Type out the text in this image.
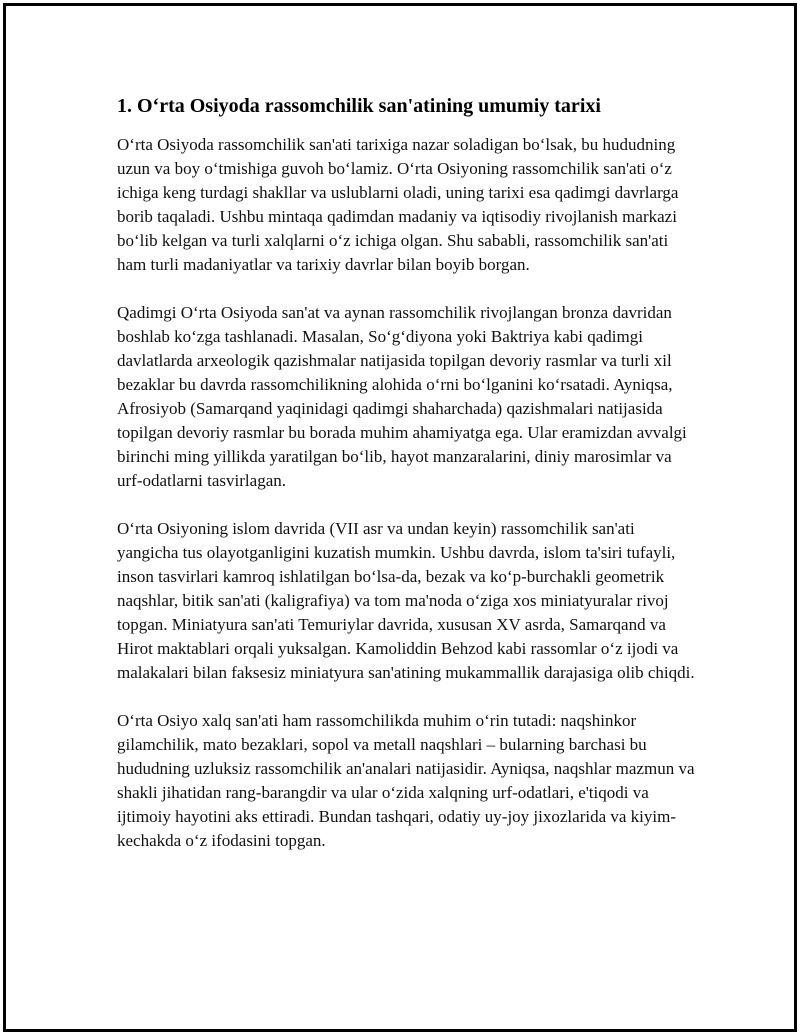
1. O‘rta Osiyoda rassomchilik san'atining umumiy tarixi

O‘rta Osiyoda rassomchilik san'ati tarixiga nazar soladigan bo‘lsak, bu hududning uzun va boy o‘tmishiga guvoh bo‘lamiz. O‘rta Osiyoning rassomchilik san'ati o‘z ichiga keng turdagi shakllar va uslublarni oladi, uning tarixi esa qadimgi davrlarga borib taqaladi. Ushbu mintaqa qadimdan madaniy va iqtisodiy rivojlanish markazi bo‘lib kelgan va turli xalqlarni o‘z ichiga olgan. Shu sababli, rassomchilik san'ati ham turli madaniyatlar va tarixiy davrlar bilan boyib borgan.

Qadimgi O‘rta Osiyoda san'at va aynan rassomchilik rivojlangan bronza davridan boshlab ko‘zga tashlanadi. Masalan, So‘g‘diyona yoki Baktriya kabi qadimgi davlatlarda arxeologik qazishmalar natijasida topilgan devoriy rasmlar va turli xil bezaklar bu davrda rassomchilikning alohida o‘rni bo‘lganini ko‘rsatadi. Ayniqsa, Afrosiyob (Samarqand yaqinidagi qadimgi shaharchada) qazishmalari natijasida topilgan devoriy rasmlar bu borada muhim ahamiyatga ega. Ular eramizdan avvalgi birinchi ming yillikda yaratilgan bo‘lib, hayot manzaralarini, diniy marosimlar va urf-odatlarni tasvirlagan.

O‘rta Osiyoning islom davrida (VII asr va undan keyin) rassomchilik san'ati yangicha tus olayotganligini kuzatish mumkin. Ushbu davrda, islom ta'siri tufayli, inson tasvirlari kamroq ishlatilgan bo‘lsa-da, bezak va ko‘p-burchakli geometrik naqshlar, bitik san'ati (kaligrafiya) va tom ma'noda o‘ziga xos miniatyuralar rivoj topgan. Miniatyura san'ati Temuriylar davrida, xususan XV asrda, Samarqand va Hirot maktablari orqali yuksalgan. Kamoliddin Behzod kabi rassomlar o‘z ijodi va malakalari bilan faksesiz miniatyura san'atining mukammallik darajasiga olib chiqdi.

O‘rta Osiyo xalq san'ati ham rassomchilikda muhim o‘rin tutadi: naqshinkor gilamchilik, mato bezaklari, sopol va metall naqshlari – bularning barchasi bu hududning uzluksiz rassomchilik an'analari natijasidir. Ayniqsa, naqshlar mazmun va shakli jihatidan rang-barangdir va ular o‘zida xalqning urf-odatlari, e'tiqodi va ijtimoiy hayotini aks ettiradi. Bundan tashqari, odatiy uy-joy jixozlarida va kiyim-kechakda o‘z ifodasini topgan.
